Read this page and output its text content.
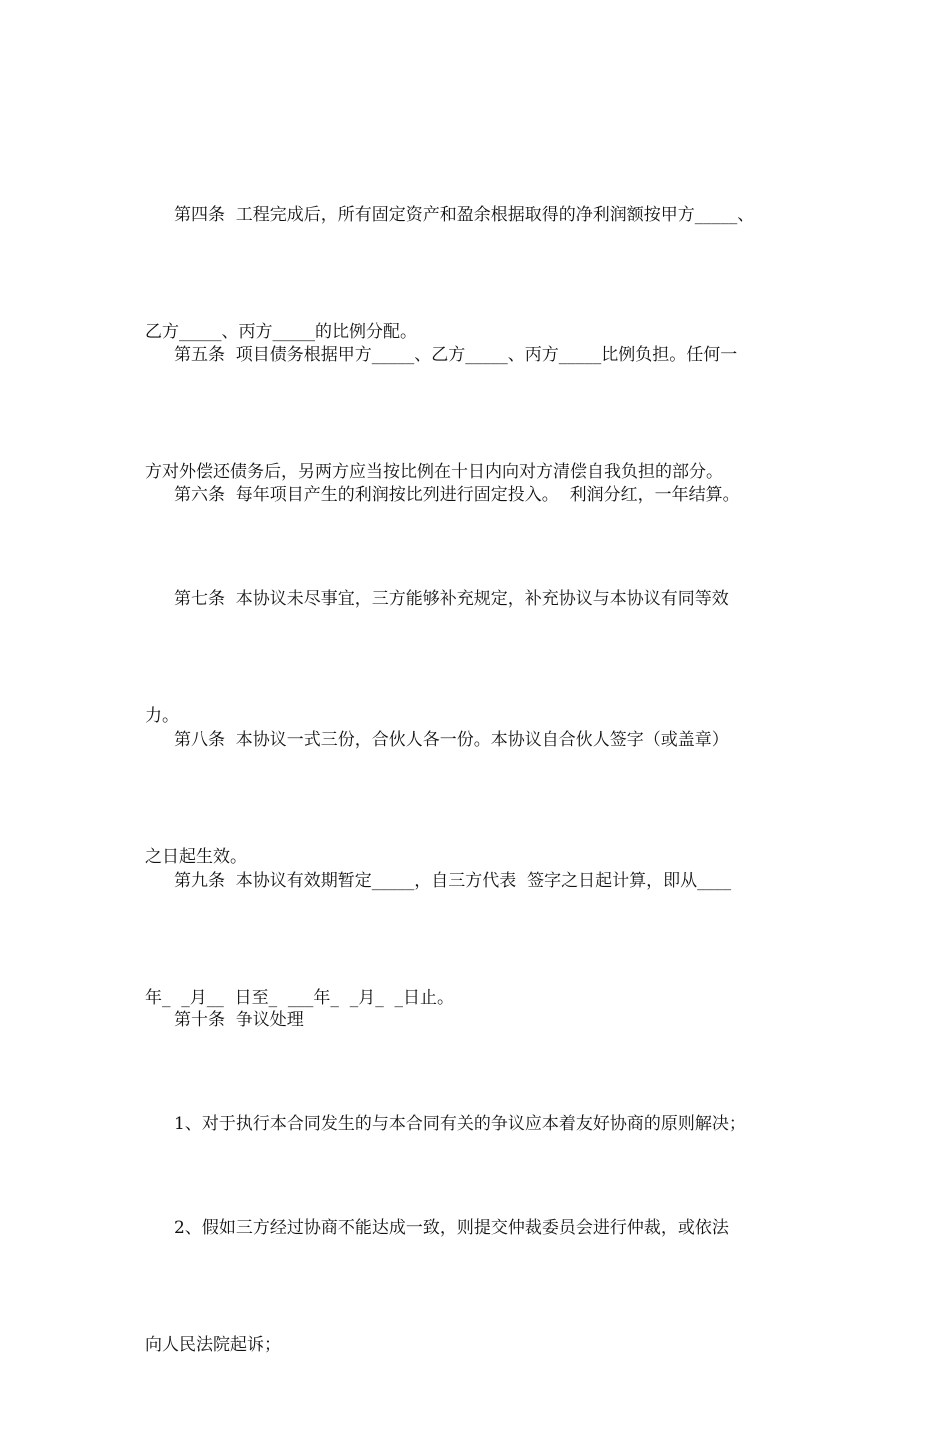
第四条  工程完成后，所有固定资产和盈余根据取得的净利润额按甲方_____、

乙方_____、丙方_____的比例分配。

第五条  项目债务根据甲方_____、乙方_____、丙方_____比例负担。任何一

方对外偿还债务后，另两方应当按比例在十日内向对方清偿自我负担的部分。

第六条  每年项目产生的利润按比列进行固定投入。  利润分红，一年结算。

第七条  本协议未尽事宜，三方能够补充规定，补充协议与本协议有同等效

力。

第八条  本协议一式三份，合伙人各一份。本协议自合伙人签字（或盖章）

之日起生效。

第九条  本协议有效期暂定_____，自三方代表  签字之日起计算，即从____

年_  _月__  日至_  ___年_  _月_  _日止。

第十条  争议处理

1、对于执行本合同发生的与本合同有关的争议应本着友好协商的原则解决；

2、假如三方经过协商不能达成一致，则提交仲裁委员会进行仲裁，或依法

向人民法院起诉；
